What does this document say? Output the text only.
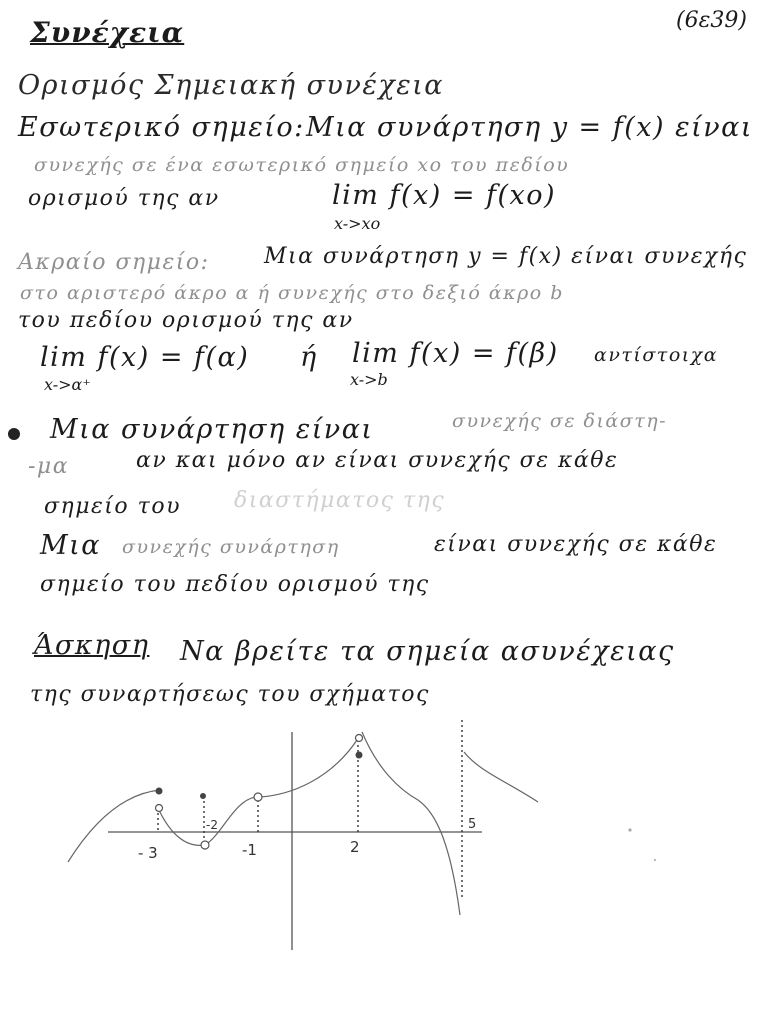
Συνέχεια	(6ε39)
Ορισμός Σημειακή συνέχεια
Εσωτερικό σημείο: Μια συνάρτηση y = f(x) είναι
συνεχής σε ένα εσωτερικό σημείο xo του πεδίου
ορισμού της αν	lim f(x) = f(xo)
x->xo
Ακραίο σημείο: Μια συνάρτηση y = f(x) είναι συνεχής
στο αριστερό άκρο α ή συνεχής στο δεξιό άκρο b
του πεδίου ορισμού της αν
lim f(x) = f(α)
x->α⁺
ή lim f(x) = f(β)
x->b
αντίστοιχα
Μια συνάρτηση είναι	συνεχής σε διάστη-
-μα	αν και μόνο αν είναι συνεχής σε κάθε
σημείο του διαστήματος της
Μια συνεχής συνάρτηση	είναι συνεχής σε κάθε
σημείο του πεδίου ορισμού της
Άσκηση Να βρείτε τα σημεία ασυνέχειας
της συναρτήσεως του σχήματος
- 3
-2
-1	2
5
